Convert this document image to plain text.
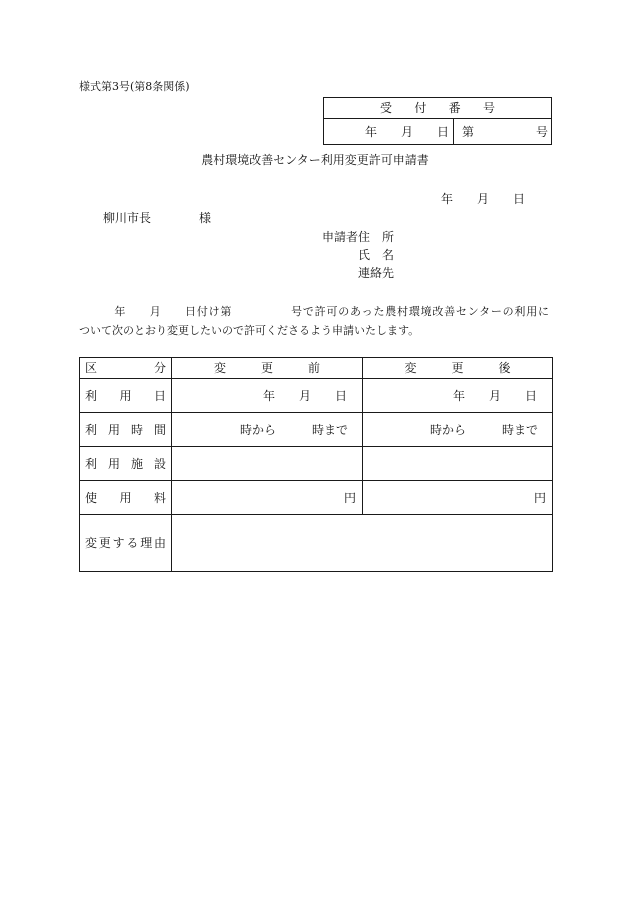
様式第3号(第8条関係)
受付番号
年　　月　　日	第　　　　号
農村環境改善センター利用変更許可申請書
年　　月　　日
柳川市長　　　　様
申請者住　所
氏　名
連絡先
　　　年　　月　　日付け第　　　　　号で許可のあった農村環境改善センターの利用に
ついて次のとおり変更したいので許可くださるよう申請いたします。
区分	変更前	変更後
利用日	年　　月　　日	年　　月　　日
利用時間	時から　　　時まで	時から　　　時まで
利用施設
使用料	円	円
変更する理由
